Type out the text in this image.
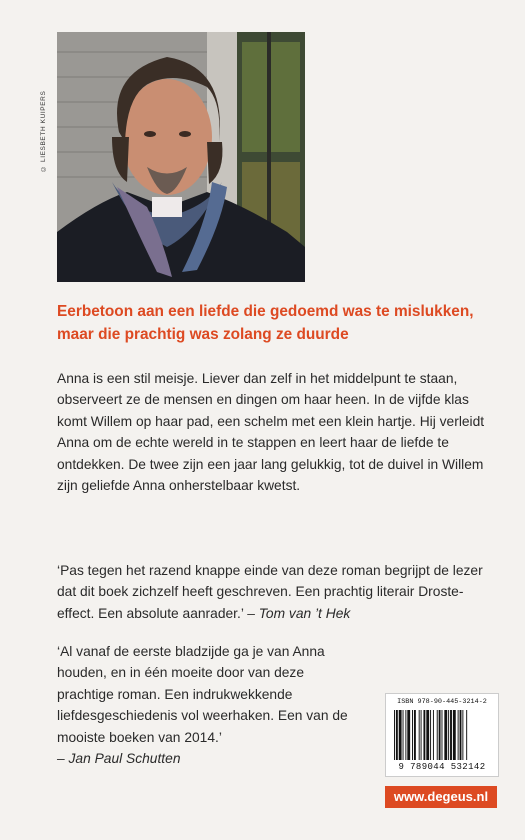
© LIESBETH KUIPERS

Eerbetoon aan een liefde die gedoemd was te mislukken, maar die prachtig was zolang ze duurde

Anna is een stil meisje. Liever dan zelf in het middelpunt te staan, observeert ze de mensen en dingen om haar heen. In de vijfde klas komt Willem op haar pad, een schelm met een klein hartje. Hij verleidt Anna om de echte wereld in te stappen en leert haar de liefde te ontdekken. De twee zijn een jaar lang gelukkig, tot de duivel in Willem zijn geliefde Anna onherstelbaar kwetst.

‘Pas tegen het razend knappe einde van deze roman begrijpt de lezer dat dit boek zichzelf heeft geschreven. Een prachtig literair Droste-effect. Een absolute aanrader.’ – Tom van ’t Hek

‘Al vanaf de eerste bladzijde ga je van Anna houden, en in één moeite door van deze prachtige roman. Een indrukwekkende liefdesgeschiedenis vol weerhaken. Een van de mooiste boeken van 2014.’
– Jan Paul Schutten

ISBN 978-90-445-3214-2
9 789044 532142
www.degeus.nl
